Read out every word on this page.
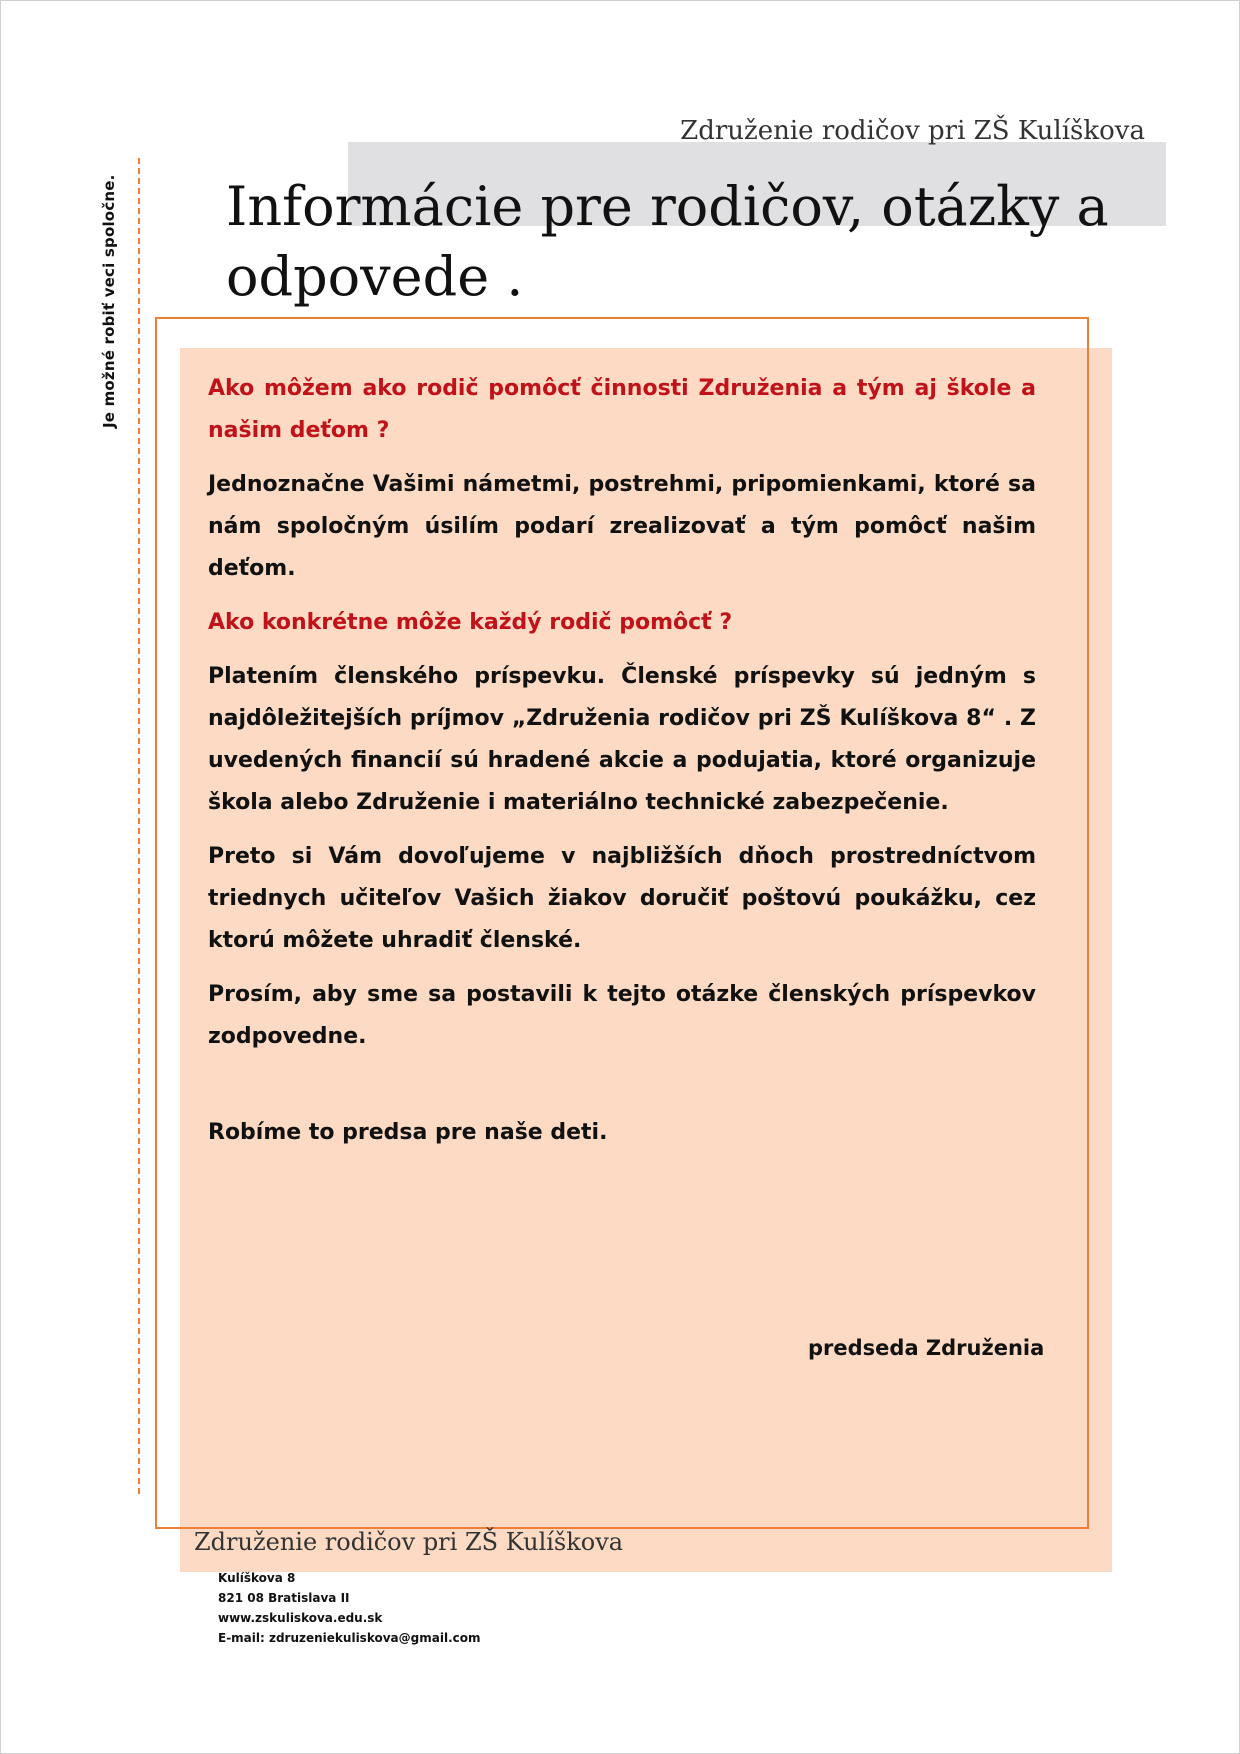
Združenie rodičov pri ZŠ Kulíškova
Informácie pre rodičov, otázky a odpovede .
Je možné robiť veci spoločne.	Ako môžem ako rodič pomôcť činnosti Združenia a tým aj škole a našim deťom ?

Jednoznačne Vašimi námetmi, postrehmi, pripomienkami, ktoré sa nám spoločným úsilím podarí zrealizovať a tým pomôcť našim deťom.

Ako konkrétne môže každý rodič pomôcť ?

Platením členského príspevku. Členské príspevky sú jedným s najdôležitejších príjmov „Združenia rodičov pri ZŠ Kulíškova 8“ . Z uvedených financií sú hradené akcie a podujatia, ktoré organizuje škola alebo Združenie i materiálno technické zabezpečenie.

Preto si Vám dovoľujeme v najbližších dňoch prostredníctvom triednych učiteľov Vašich žiakov doručiť poštovú poukážku, cez ktorú môžete uhradiť členské.

Prosím, aby sme sa postavili k tejto otázke členských príspevkov zodpovedne.

Robíme to predsa pre naše deti.

predseda Združenia
Združenie rodičov pri ZŠ Kulíškova
Kulíškova 8
821 08 Bratislava II
www.zskuliskova.edu.sk
E-mail: zdruzeniekuliskova@gmail.com
